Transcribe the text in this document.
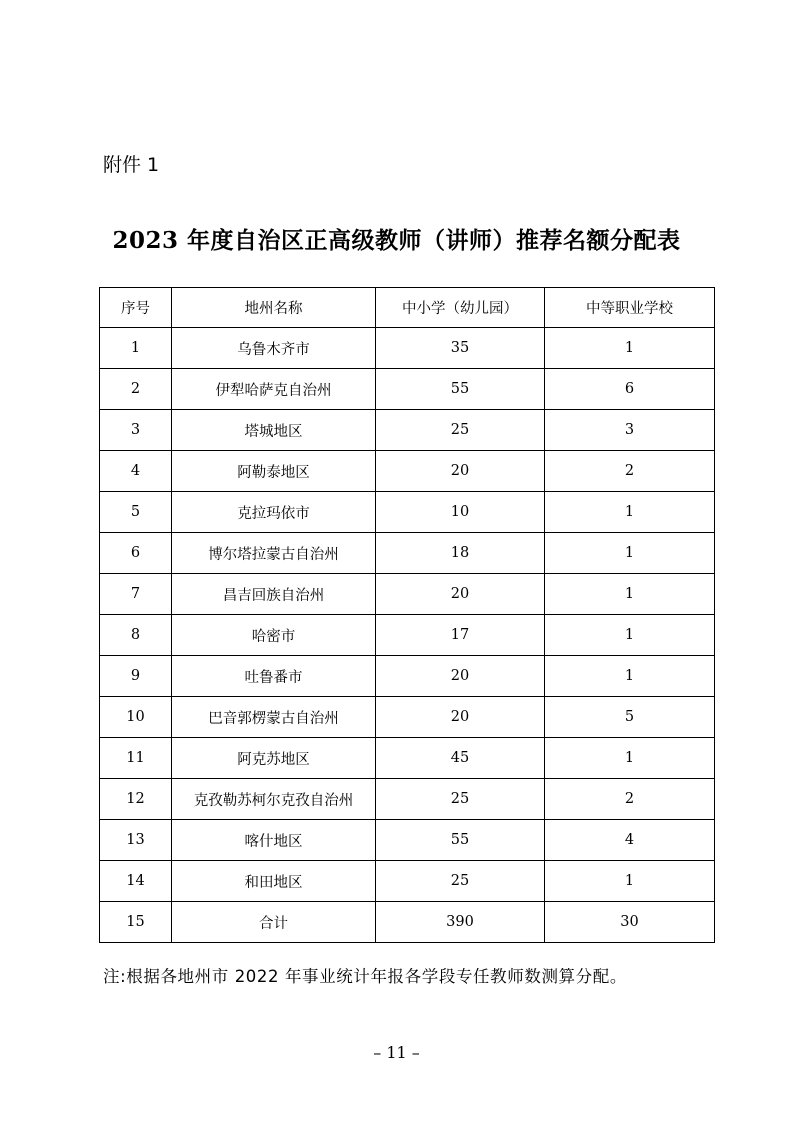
附件 1
2023 年度自治区正高级教师（讲师）推荐名额分配表
序号	地州名称	中小学（幼儿园）	中等职业学校
1	乌鲁木齐市	35	1
2	伊犁哈萨克自治州	55	6
3	塔城地区	25	3
4	阿勒泰地区	20	2
5	克拉玛依市	10	1
6	博尔塔拉蒙古自治州	18	1
7	昌吉回族自治州	20	1
8	哈密市	17	1
9	吐鲁番市	20	1
10	巴音郭楞蒙古自治州	20	5
11	阿克苏地区	45	1
12	克孜勒苏柯尔克孜自治州	25	2
13	喀什地区	55	4
14	和田地区	25	1
15	合计	390	30
注:根据各地州市 2022 年事业统计年报各学段专任教师数测算分配。
– 11 –
